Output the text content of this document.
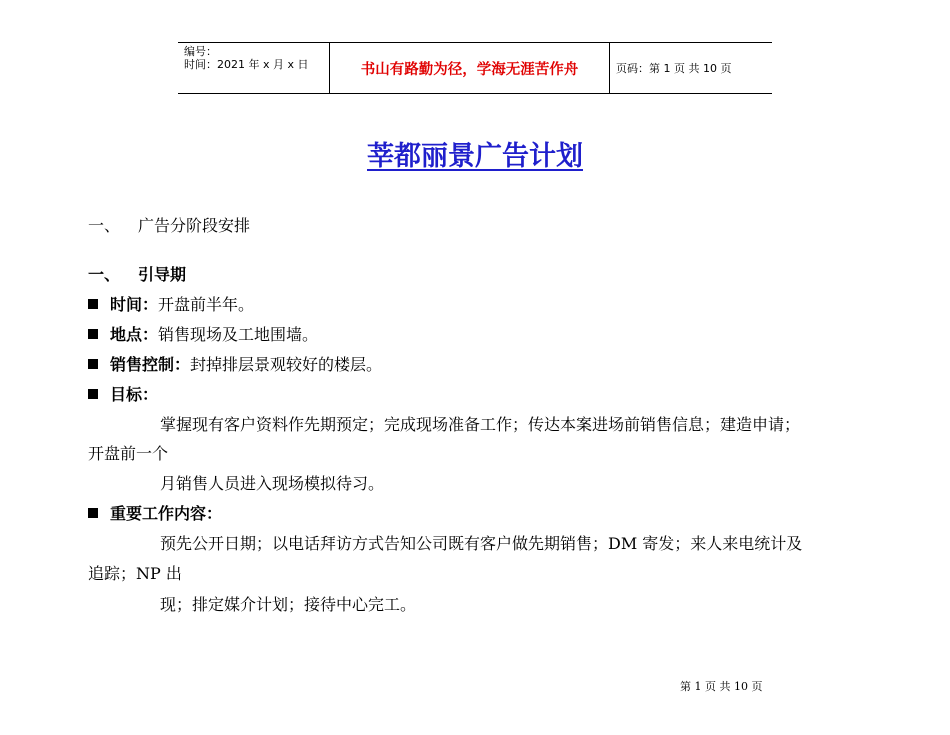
编号：
时间：2021 年 x 月 x 日	书山有路勤为径，学海无涯苦作舟	页码：第 1 页 共 10 页
莘都丽景广告计划
一、 广告分阶段安排
一、 引导期
时间：开盘前半年。
地点：销售现场及工地围墙。
销售控制：封掉排层景观较好的楼层。
目标：
掌握现有客户资料作先期预定；完成现场准备工作；传达本案进场前销售信息；建造申请；
开盘前一个
月销售人员进入现场模拟待习。
重要工作内容：
预先公开日期；以电话拜访方式告知公司既有客户做先期销售；DM 寄发；来人来电统计及
追踪；NP 出
现；排定媒介计划；接待中心完工。
第 1 页 共 10 页
